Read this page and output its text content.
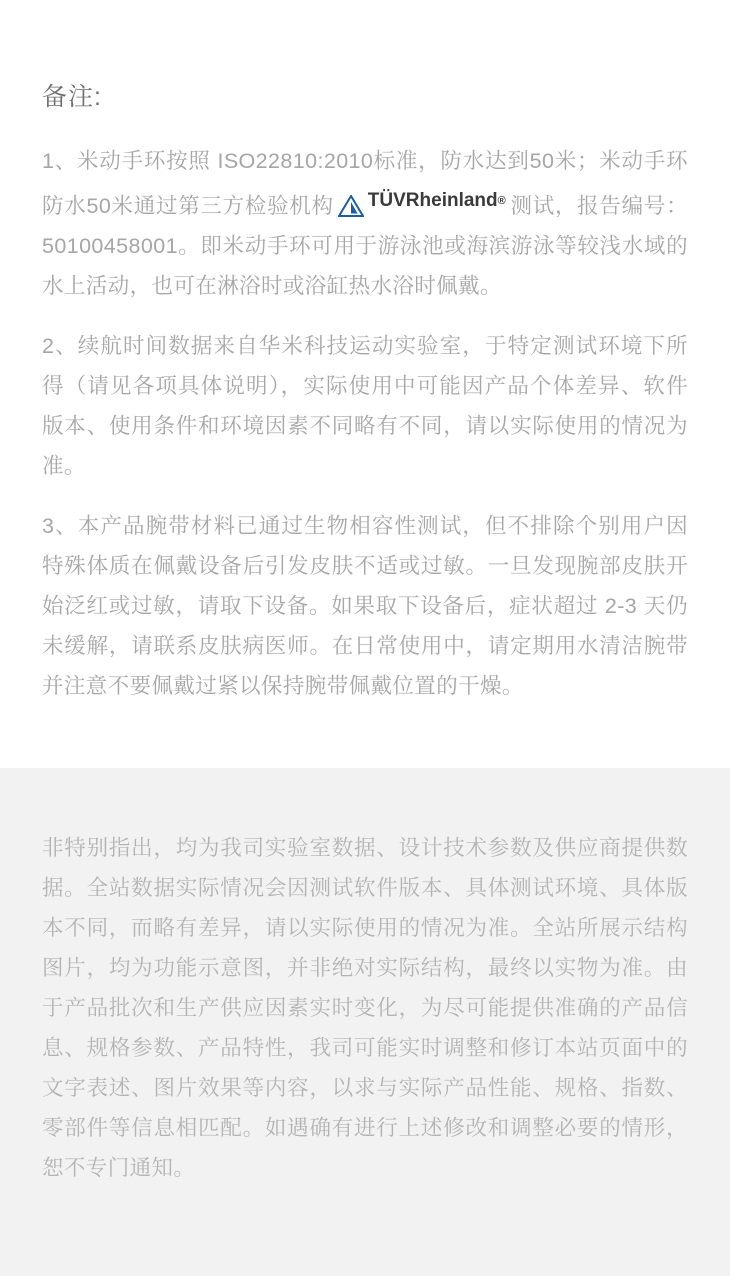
备注:

1、米动手环按照 ISO22810:2010标准，防水达到50米；米动手环防水50米通过第三方检验机构 TÜVRheinland ® 测试，报告编号：50100458001。即米动手环可用于游泳池或海滨游泳等较浅水域的水上活动，也可在淋浴时或浴缸热水浴时佩戴。

2、续航时间数据来自华米科技运动实验室，于特定测试环境下所得（请见各项具体说明），实际使用中可能因产品个体差异、软件版本、使用条件和环境因素不同略有不同，请以实际使用的情况为准。

3、本产品腕带材料已通过生物相容性测试，但不排除个别用户因特殊体质在佩戴设备后引发皮肤不适或过敏。一旦发现腕部皮肤开始泛红或过敏，请取下设备。如果取下设备后，症状超过 2-3 天仍未缓解，请联系皮肤病医师。在日常使用中，请定期用水清洁腕带并注意不要佩戴过紧以保持腕带佩戴位置的干燥。

非特别指出，均为我司实验室数据、设计技术参数及供应商提供数据。全站数据实际情况会因测试软件版本、具体测试环境、具体版本不同，而略有差异，请以实际使用的情况为准。全站所展示结构图片，均为功能示意图，并非绝对实际结构，最终以实物为准。由于产品批次和生产供应因素实时变化，为尽可能提供准确的产品信息、规格参数、产品特性，我司可能实时调整和修订本站页面中的文字表述、图片效果等内容，以求与实际产品性能、规格、指数、 零部件等信息相匹配。如遇确有进行上述修改和调整必要的情形，恕不专门通知。
